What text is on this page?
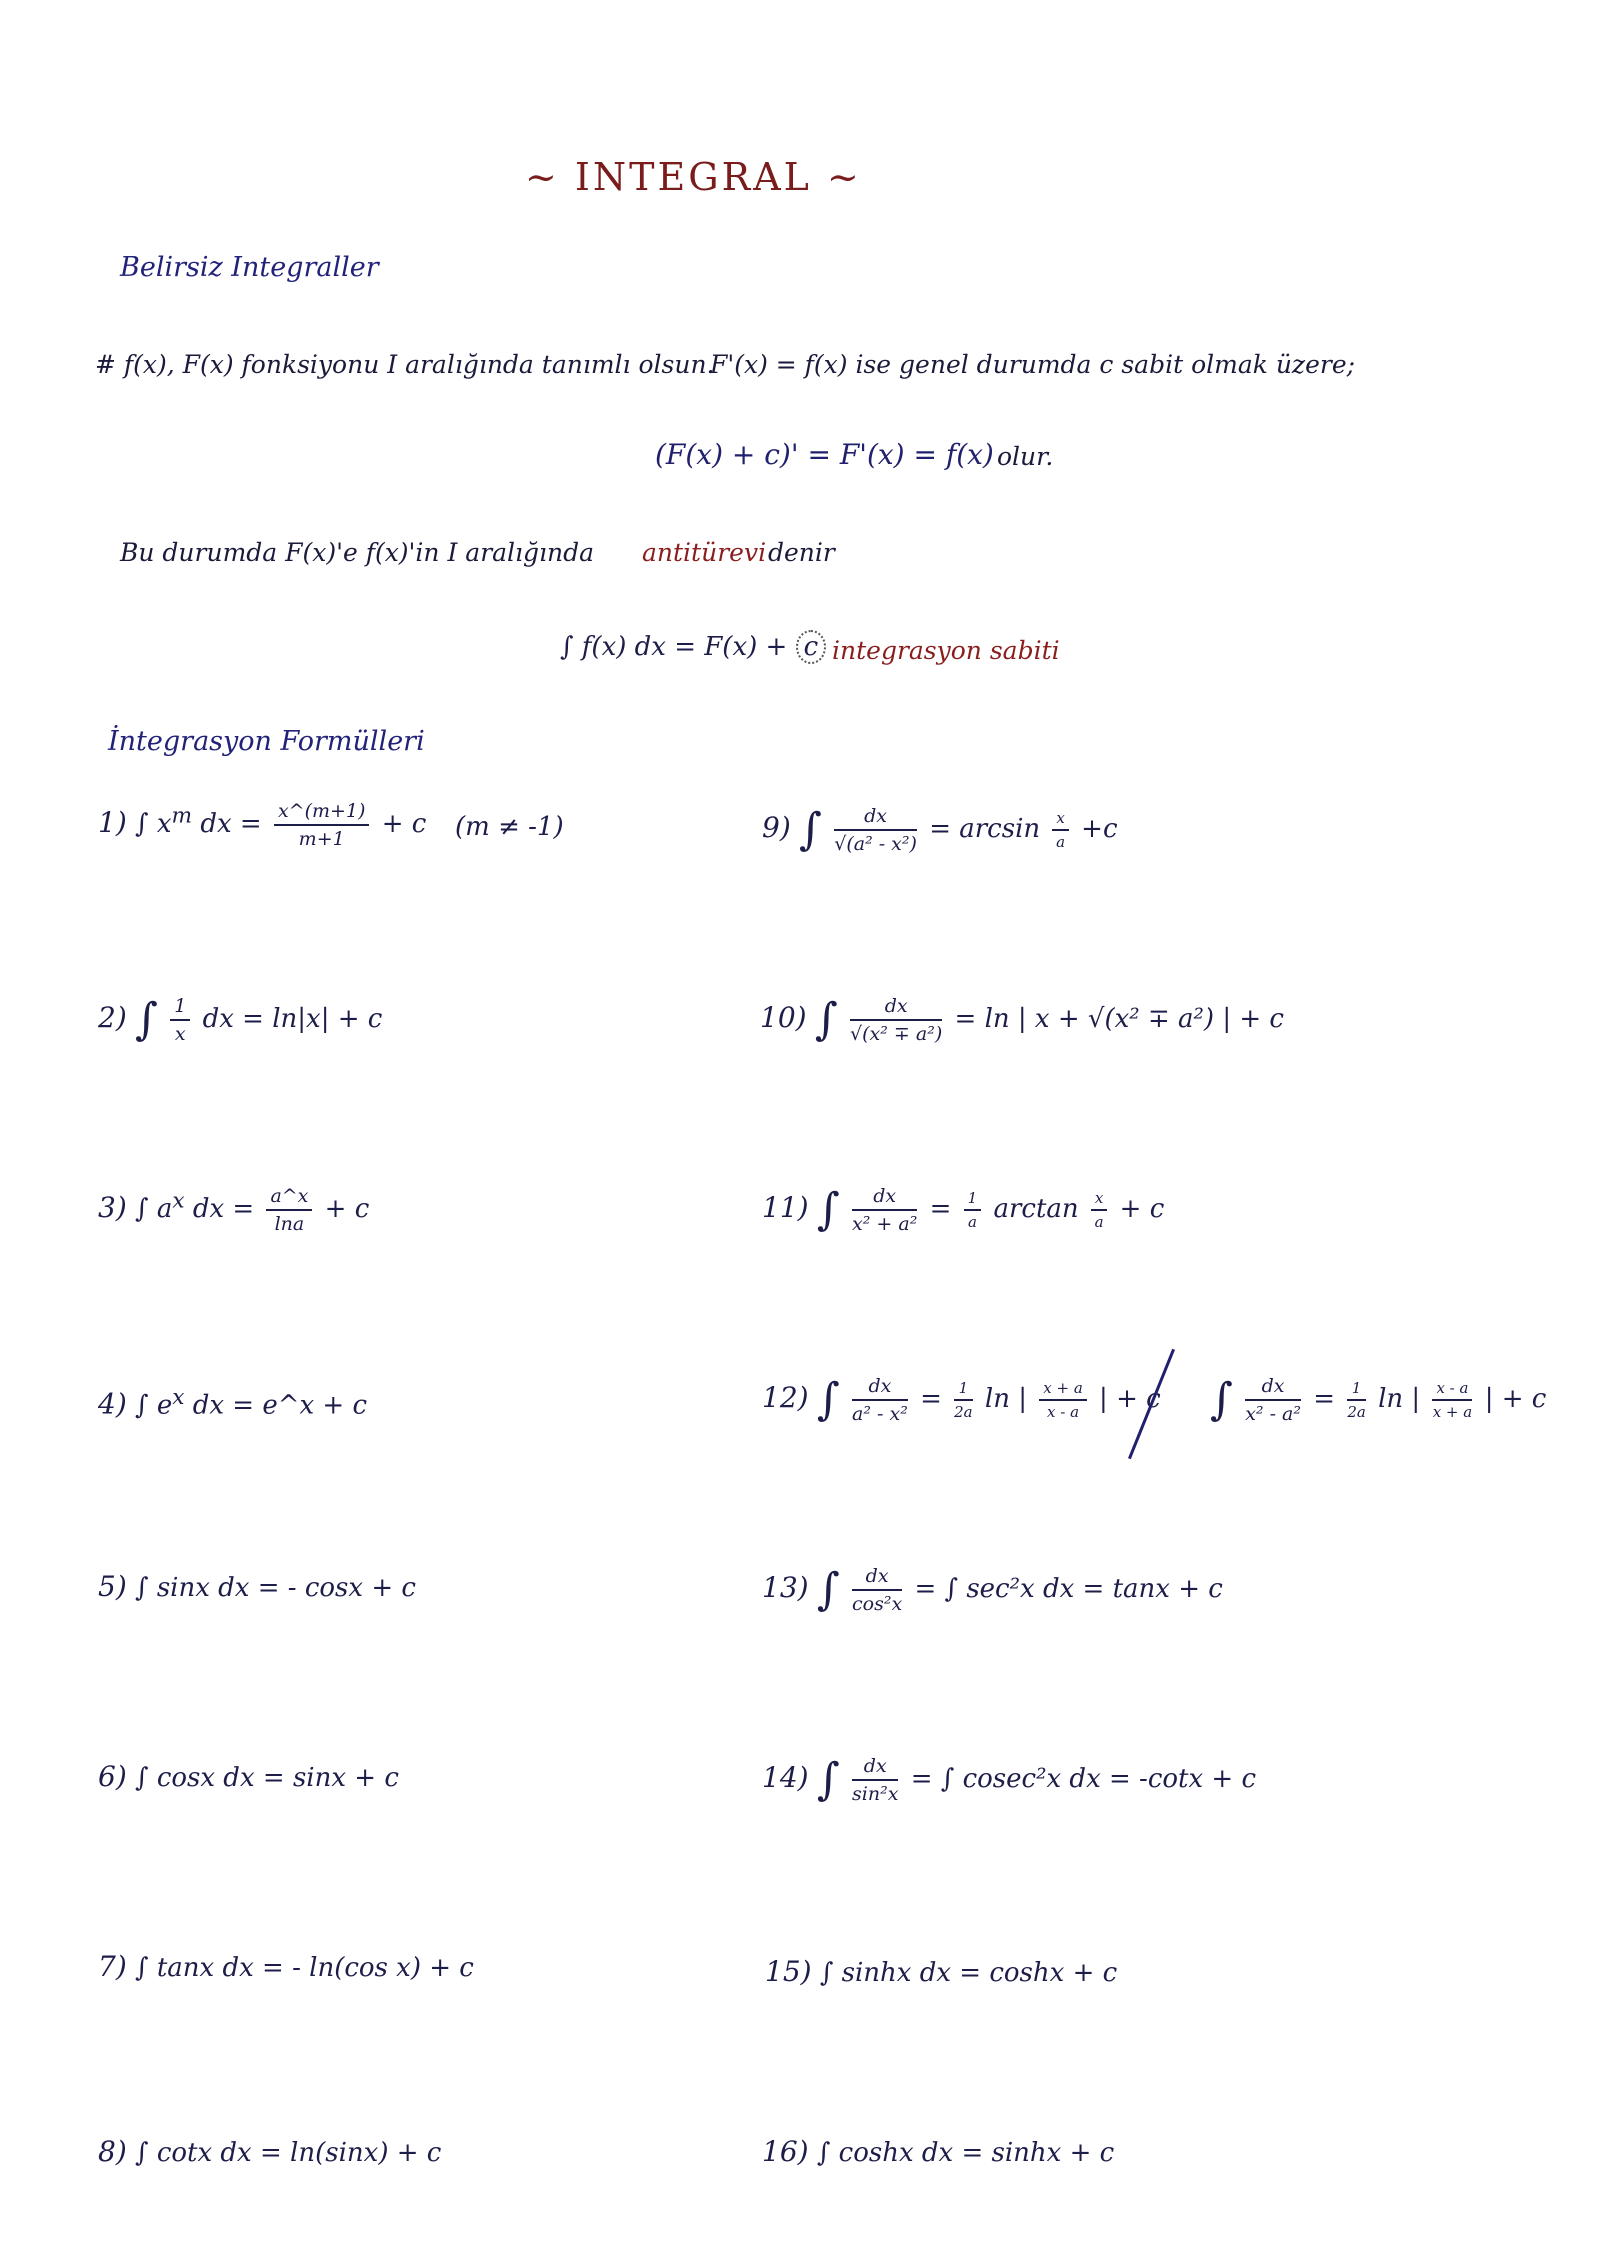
~ INTEGRAL ~
Belirsiz Integraller
# f(x), F(x) fonksiyonu I aralığında tanımlı olsun.
F'(x) = f(x) ise genel durumda c sabit olmak üzere;
(F(x) + c)' = F'(x) = f(x) olur.
Bu durumda F(x)'e f(x)'in I aralığında antitürevi denir
∫ f(x) dx = F(x) + c integrasyon sabiti
İntegrasyon Formülleri
1) ∫ $x^m$ dx = $\frac{x\^{}(m+1)}{m+1} + c$ (m ≠ -1)
2) ∫ $\frac{1}{x}$ dx = ln|x| + c
3) ∫ $a^x$ dx = $\frac{a\^{}x}{\ln a} + c$
4) ∫ $e^x$ dx = e^x + c
5) ∫ sinx dx = - cosx + c
6) ∫ cosx dx = sinx + c
7) ∫ tanx dx = - ln(cos x) + c
8) ∫ cotx dx = ln(sinx) + c
9) ∫ $\frac{dx}{\text{√(a² - x²)}} = \arcsin \frac{x}{a} +c$
10) ∫ $\frac{dx}{\text{√(x² ∓ a²)}} = \ln$ | x + √(x² ∓ a²) | + c
11) ∫ $\frac{dx}{\text{x² + a²}} = \frac{1}{a}$ $\arctan \frac{x}{a} + c$
12) ∫ $\frac{dx}{\text{a² - x²}} = \frac{1}{2a}$ ln | $\frac{x + a}{x - a}$ | + c ∫ $\frac{dx}{\text{x² - a²}} = \frac{1}{2a}$ ln | $\frac{x - a}{x + a}$ | + c
13) ∫ $\frac{dx}{\text{cos²x}}$ = ∫ sec²x dx = tanx + c
14) ∫ $\frac{dx}{\text{sin²x}}$ = ∫ cosec²x dx = -cotx + c
15) ∫ sinhx dx = coshx + c
16) ∫ coshx dx = sinhx + c
